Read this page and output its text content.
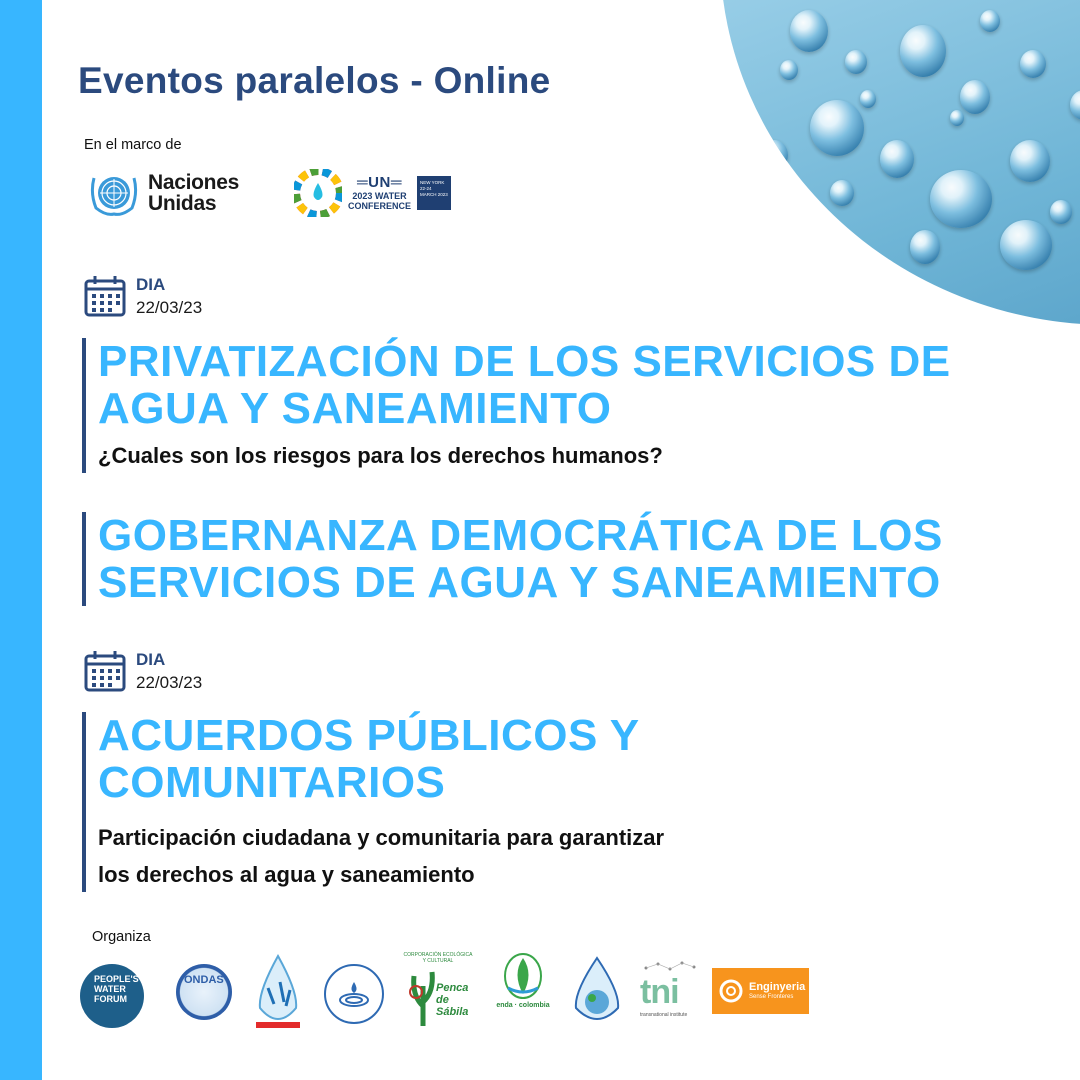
Eventos paralelos - Online
En el marco de
Naciones
Unidas
═UN═
2023 WATER
CONFERENCE
NEW YORK 22-24 MARCH 2023
DIA
22/03/23
PRIVATIZACIÓN DE LOS SERVICIOS DE
AGUA Y SANEAMIENTO
¿Cuales son los riesgos para los derechos humanos?
GOBERNANZA DEMOCRÁTICA DE LOS
SERVICIOS DE AGUA Y SANEAMIENTO
DIA
22/03/23
ACUERDOS PÚBLICOS Y
COMUNITARIOS
Participación ciudadana y comunitaria para garantizar
los derechos al agua y saneamiento
Organiza
PEOPLE'S WATER FORUM
ONDAS
CORPORACIÓN ECOLÓGICA Y CULTURAL
Penca de Sábila
enda · colombia	tni
transnational institute
Enginyeria
Sense Fronteres
